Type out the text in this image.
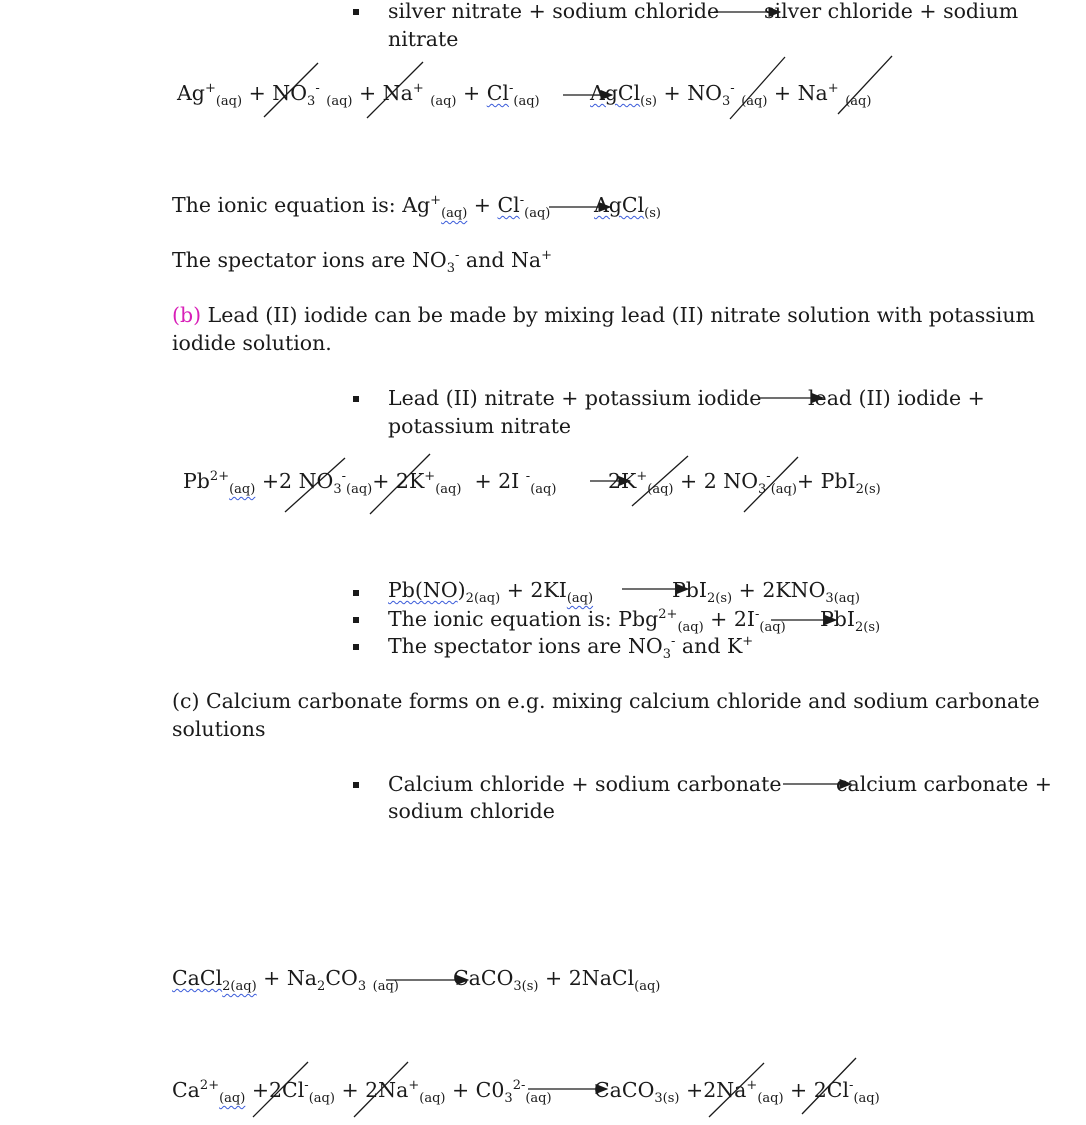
silver nitrate + sodium chloride silver chloride + sodium
nitrate
$Ag^+_{(aq)} + NO_3^-$ $_{(aq)}$ + Na+ $_{(aq)} + Cl^-_{(aq)}$ AgCl$_{(s)}$ + $NO_3^-$ $_{(aq)}$ + Na+ $_{(aq)}$
The ionic equation is: $Ag^+_{(aq)} + Cl^-_{(aq)}$ AgCl$_{(s)}$
The spectator ions are $NO_3^-$ and Na+
(b) Lead (II) iodide can be made by mixing lead (II) nitrate solution with potassium
iodide solution.
Lead (II) nitrate + potassium iodide lead (II) iodide +
potassium nitrate
$Pb^{2+}_{(aq)} +2$ $NO_3^-_{(aq)}+ 2K^+_{(aq)} + 2I$ -$_{(aq)}$	$2K^+_{(aq)} + 2$ $NO_3^-_{(aq)}+ PbI_{2(s)}$
$Pb(NO)_{2(aq)} + 2KI_{(aq)}$	$PbI_{2(s)} + 2KNO_{3(aq)}$
The ionic equation is: $Pbg^{2+}_{(aq)} + 2I^-_{(aq)}$ PbI$_{2(s)}$
The spectator ions are $NO_3^-$ and K+
(c) Calcium carbonate forms on e.g. mixing calcium chloride and sodium carbonate
solutions
Calcium chloride + sodium carbonate	calcium carbonate +
sodium chloride
CaCl$_{2(aq)}$ + $Na_2CO_3$ $_{(aq)}$	CaCO$_{3(s)}$ + 2NaCl$_{(aq)}$
$Ca^{2+}_{(aq)} +2Cl^-_{(aq)} + 2Na^+_{(aq)} + C0_3^{2-}_{(aq)}$ CaCO$_{3(s)}$ $+2Na^+_{(aq)} + 2Cl^-_{(aq)}$
